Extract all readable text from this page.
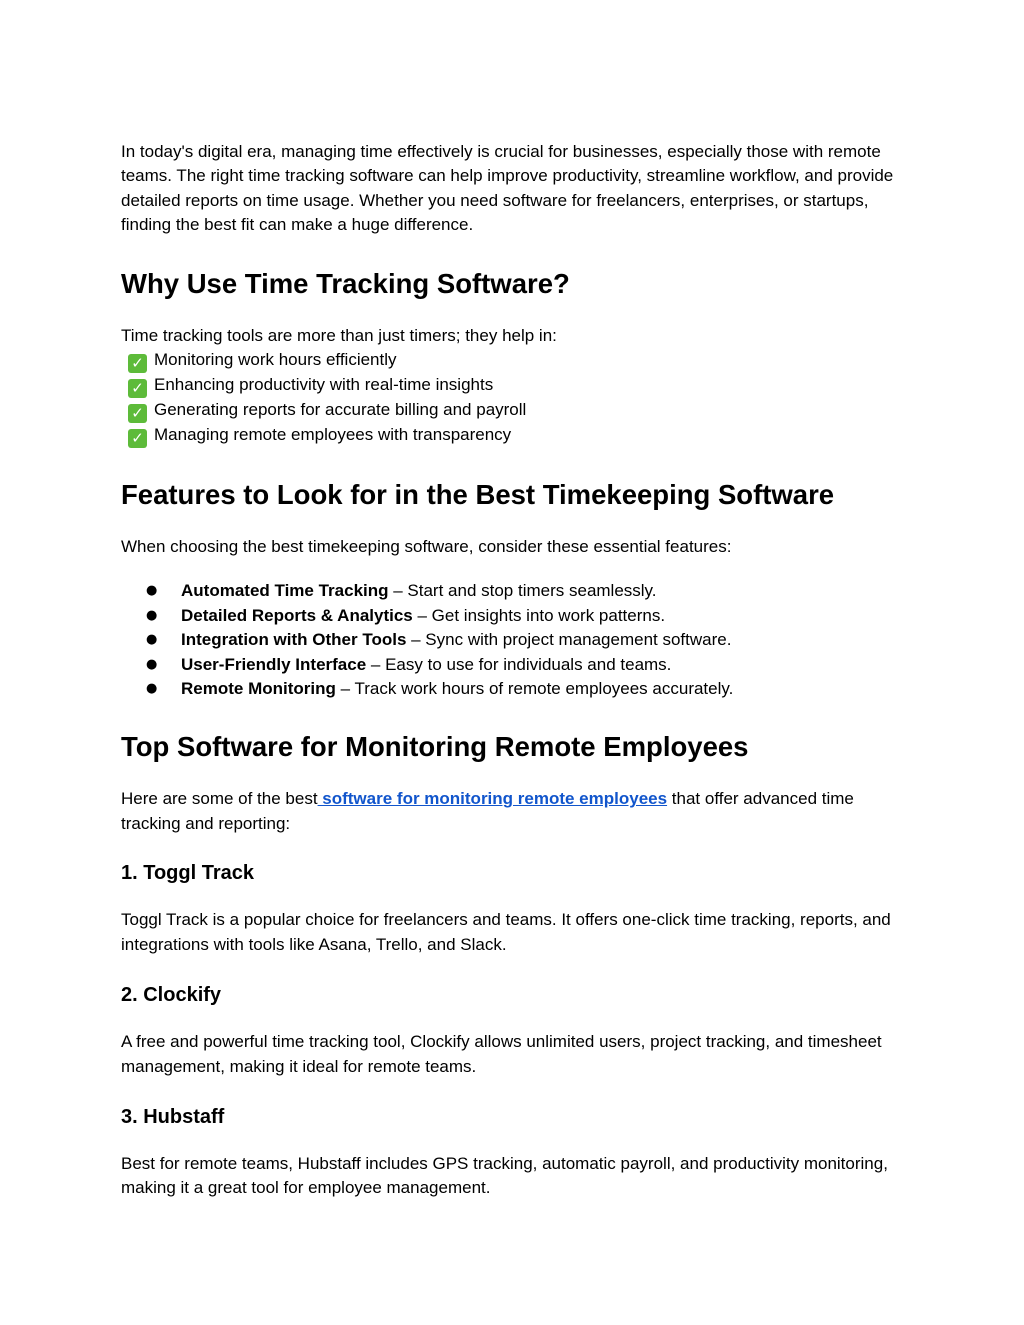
In today's digital era, managing time effectively is crucial for businesses, especially those with remote teams. The right time tracking software can help improve productivity, streamline workflow, and provide detailed reports on time usage. Whether you need software for freelancers, enterprises, or startups, finding the best fit can make a huge difference.

Why Use Time Tracking Software?

Time tracking tools are more than just timers; they help in:

✓ Monitoring work hours efficiently
✓ Enhancing productivity with real-time insights
✓ Generating reports for accurate billing and payroll
✓ Managing remote employees with transparency
Features to Look for in the Best Timekeeping Software

When choosing the best timekeeping software, consider these essential features:

● Automated Time Tracking – Start and stop timers seamlessly.
● Detailed Reports & Analytics – Get insights into work patterns.
● Integration with Other Tools – Sync with project management software.
● User-Friendly Interface – Easy to use for individuals and teams.
● Remote Monitoring – Track work hours of remote employees accurately.
Top Software for Monitoring Remote Employees

Here are some of the best software for monitoring remote employees that offer advanced time tracking and reporting:

1. Toggl Track

Toggl Track is a popular choice for freelancers and teams. It offers one-click time tracking, reports, and integrations with tools like Asana, Trello, and Slack.

2. Clockify

A free and powerful time tracking tool, Clockify allows unlimited users, project tracking, and timesheet management, making it ideal for remote teams.

3. Hubstaff

Best for remote teams, Hubstaff includes GPS tracking, automatic payroll, and productivity monitoring, making it a great tool for employee management.
